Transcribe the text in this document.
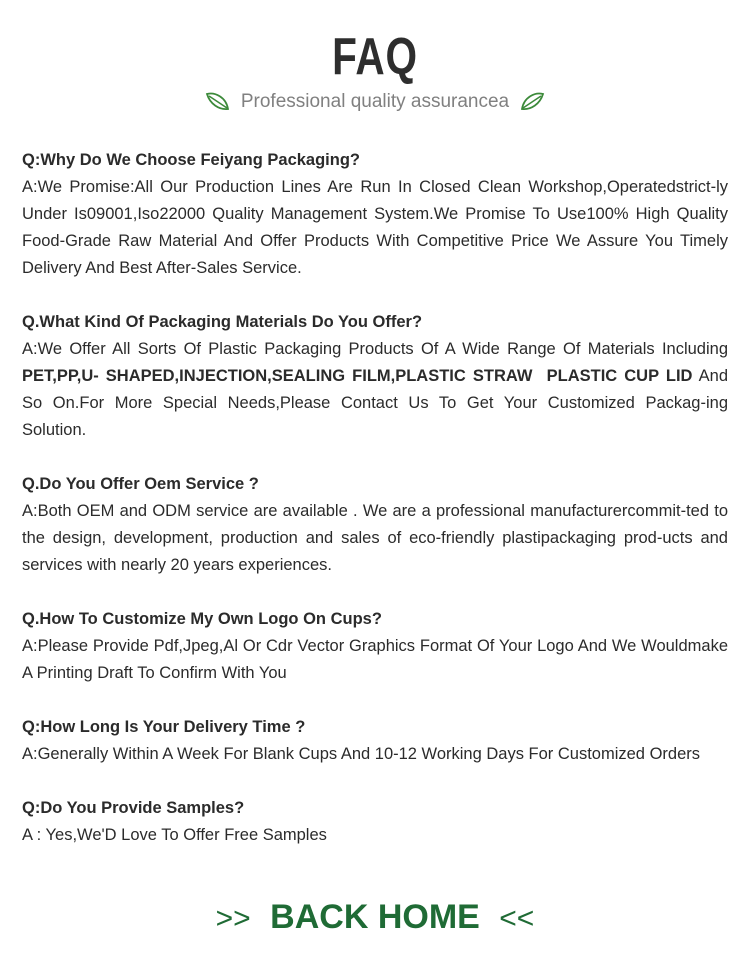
FAQ
Professional quality assurancea
Q:Why Do We Choose Feiyang Packaging?
A:We Promise:All Our Production Lines Are Run In Closed Clean Workshop,Operatedstrict-ly Under Is09001,Iso22000 Quality Management System.We Promise To Use100% High Quality Food-Grade Raw Material And Offer Products With Competitive Price We Assure You Timely Delivery And Best After-Sales Service.
Q.What Kind Of Packaging Materials Do You Offer?
A:We Offer All Sorts Of Plastic Packaging Products Of A Wide Range Of Materials Including PET,PP,U- SHAPED,INJECTION,SEALING FILM,PLASTIC STRAW  PLASTIC CUP LID And So On.For More Special Needs,Please Contact Us To Get Your Customized Packag-ing Solution.
Q.Do You Offer Oem Service ?
A:Both OEM and ODM service are available . We are a professional manufacturercommit-ted to the design, development, production and sales of eco-friendly plastipackaging prod-ucts and services with nearly 20 years experiences.
Q.How To Customize My Own Logo On Cups?
A:Please Provide Pdf,Jpeg,Al Or Cdr Vector Graphics Format Of Your Logo And We Wouldmake A Printing Draft To Confirm With You
Q:How Long Is Your Delivery Time ?
A:Generally Within A Week For Blank Cups And 10-12 Working Days For Customized Orders
Q:Do You Provide Samples?
A : Yes,We'D Love To Offer Free Samples
>> BACK HOME <<
